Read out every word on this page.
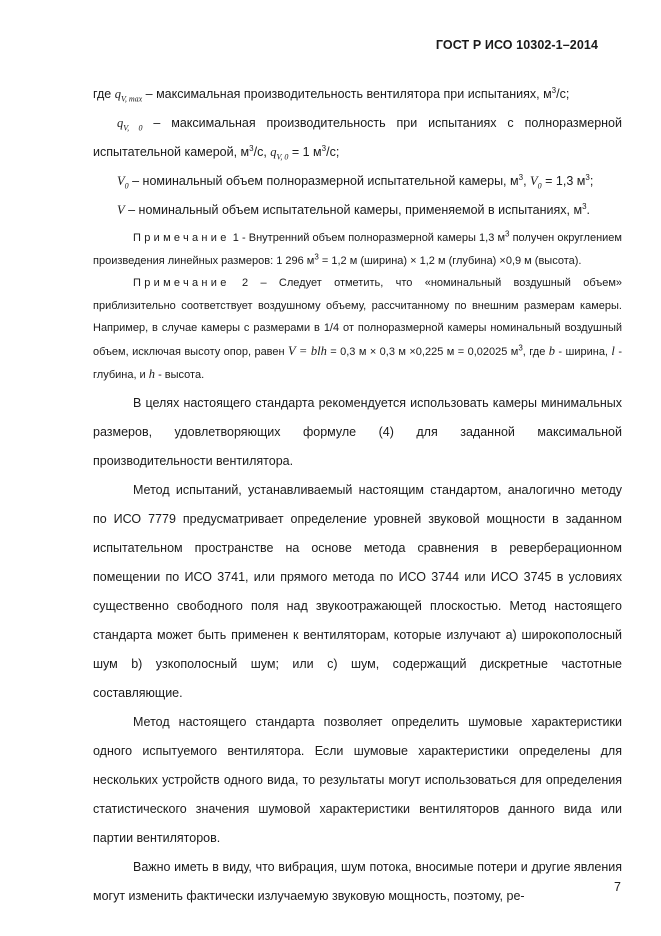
ГОСТ Р ИСО 10302-1–2014

где $q_{V, max}$ – максимальная производительность вентилятора при испытаниях, $м^3/с$;

$q_{V, 0}$ – максимальная производительность при испытаниях с полноразмерной испытательной камерой, $м^3/с$, $q_{V, 0} = 1$ $м^3/с$;

$V_0$ – номинальный объем полноразмерной испытательной камеры, $м^3$, $V_0 = 1,3$ $м^3$;

V – номинальный объем испытательной камеры, применяемой в испытаниях, $м^3$.

Примечание 1 - Внутренний объем полноразмерной камеры 1,3 $м^3$ получен округлением произведения линейных размеров: 1 296 $м^3 = 1,2$ м (ширина) × 1,2 м (глубина) ×0,9 м (высота).

Примечание 2 – Следует отметить, что «номинальный воздушный объем» приблизительно соответствует воздушному объему, рассчитанному по внешним размерам камеры. Например, в случае камеры с размерами в 1/4 от полноразмерной камеры номинальный воздушный объем, исключая высоту опор, равен V = blh = 0,3 м × 0,3 м ×0,225 м = 0,02025 $м^3$, где b - ширина, l - глубина, и h - высота.

В целях настоящего стандарта рекомендуется использовать камеры минимальных размеров, удовлетворяющих формуле (4) для заданной максимальной производительности вентилятора.

Метод испытаний, устанавливаемый настоящим стандартом, аналогично методу по ИСО 7779 предусматривает определение уровней звуковой мощности в заданном испытательном пространстве на основе метода сравнения в реверберационном помещении по ИСО 3741, или прямого метода по ИСО 3744 или ИСО 3745 в условиях существенно свободного поля над звукоотражающей плоскостью. Метод настоящего стандарта может быть применен к вентиляторам, которые излучают а) широкополосный шум b) узкополосный шум; или с) шум, содержащий дискретные частотные составляющие.

Метод настоящего стандарта позволяет определить шумовые характеристики одного испытуемого вентилятора. Если шумовые характеристики определены для нескольких устройств одного вида, то результаты могут использоваться для определения статистического значения шумовой характеристики вентиляторов данного вида или партии вентиляторов.

Важно иметь в виду, что вибрация, шум потока, вносимые потери и другие явления могут изменить фактически излучаемую звуковую мощность, поэтому, ре-

7
